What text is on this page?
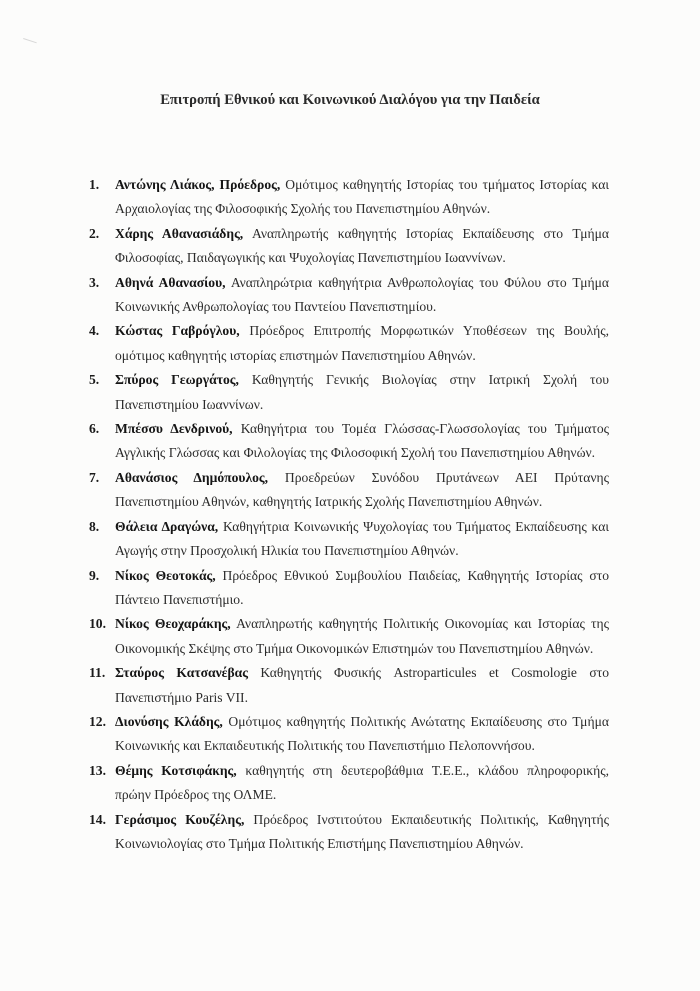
Επιτροπή Εθνικού και Κοινωνικού Διαλόγου για την Παιδεία
1.	Αντώνης Λιάκος, Πρόεδρος, Ομότιμος καθηγητής Ιστορίας του τμήματος Ιστορίας και Αρχαιολογίας της Φιλοσοφικής Σχολής του Πανεπιστημίου Αθηνών.
2.	Χάρης Αθανασιάδης, Αναπληρωτής καθηγητής Ιστορίας Εκπαίδευσης στο Τμήμα Φιλοσοφίας, Παιδαγωγικής και Ψυχολογίας Πανεπιστημίου Ιωαννίνων.
3.	Αθηνά Αθανασίου, Αναπληρώτρια καθηγήτρια Ανθρωπολογίας του Φύλου στο Τμήμα Κοινωνικής Ανθρωπολογίας του Παντείου Πανεπιστημίου.
4.	Κώστας Γαβρόγλου, Πρόεδρος Επιτροπής Μορφωτικών Υποθέσεων της Βουλής, ομότιμος καθηγητής ιστορίας επιστημών Πανεπιστημίου Αθηνών.
5.	Σπύρος Γεωργάτος, Καθηγητής Γενικής Βιολογίας στην Ιατρική Σχολή του Πανεπιστημίου Ιωαννίνων.
6.	Μπέσσυ Δενδρινού, Καθηγήτρια του Τομέα Γλώσσας-Γλωσσολογίας του Τμήματος Αγγλικής Γλώσσας και Φιλολογίας της Φιλοσοφική Σχολή του Πανεπιστημίου Αθηνών.
7.	Αθανάσιος Δημόπουλος, Προεδρεύων Συνόδου Πρυτάνεων ΑΕΙ Πρύτανης Πανεπιστημίου Αθηνών, καθηγητής Ιατρικής Σχολής Πανεπιστημίου Αθηνών.
8.	Θάλεια Δραγώνα, Καθηγήτρια Κοινωνικής Ψυχολογίας του Τμήματος Εκπαίδευσης και Αγωγής στην Προσχολική Ηλικία του Πανεπιστημίου Αθηνών.
9.	Νίκος Θεοτοκάς, Πρόεδρος Εθνικού Συμβουλίου Παιδείας, Καθηγητής Ιστορίας στο Πάντειο Πανεπιστήμιο.
10. Νίκος Θεοχαράκης, Αναπληρωτής καθηγητής Πολιτικής Οικονομίας και Ιστορίας της Οικονομικής Σκέψης στο Τμήμα Οικονομικών Επιστημών του Πανεπιστημίου Αθηνών.
11. Σταύρος Κατσανέβας Καθηγητής Φυσικής Astroparticules et Cosmologie στο Πανεπιστήμιο Paris VII.
12. Διονύσης Κλάδης, Ομότιμος καθηγητής Πολιτικής Ανώτατης Εκπαίδευσης στο Τμήμα Κοινωνικής και Εκπαιδευτικής Πολιτικής του Πανεπιστήμιο Πελοποννήσου.
13. Θέμης Κοτσιφάκης, καθηγητής στη δευτεροβάθμια Τ.Ε.Ε., κλάδου πληροφορικής, πρώην Πρόεδρος της ΟΛΜΕ.
14. Γεράσιμος Κουζέλης, Πρόεδρος Ινστιτούτου Εκπαιδευτικής Πολιτικής, Καθηγητής Κοινωνιολογίας στο Τμήμα Πολιτικής Επιστήμης Πανεπιστημίου Αθηνών.
